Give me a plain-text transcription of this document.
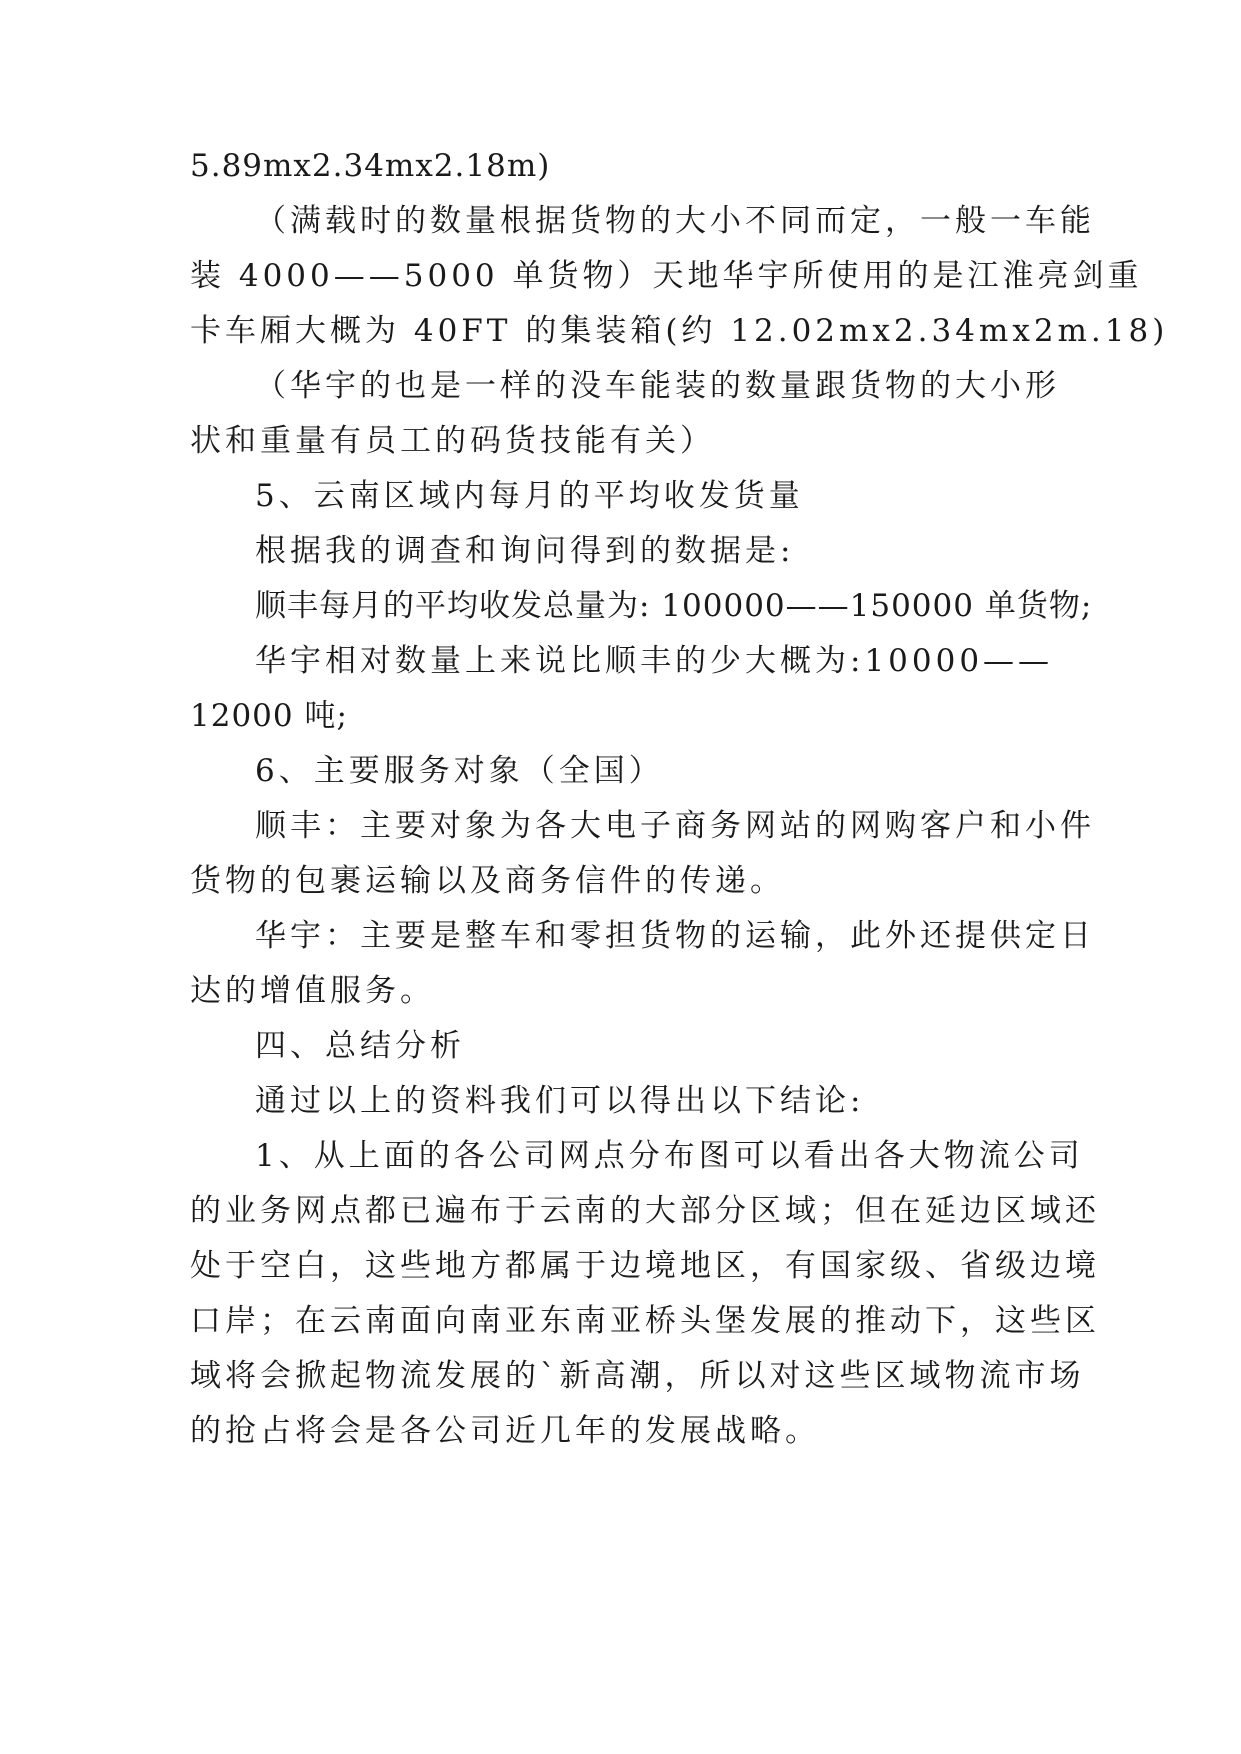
5.89mx2.34mx2.18m)
（满载时的数量根据货物的大小不同而定，一般一车能
装 4000——5000 单货物）天地华宇所使用的是江淮亮剑重
卡车厢大概为 40FT 的集装箱(约 12.02mx2.34mx2m.18)
（华宇的也是一样的没车能装的数量跟货物的大小形
状和重量有员工的码货技能有关）
5、云南区域内每月的平均收发货量
根据我的调查和询问得到的数据是:
顺丰每月的平均收发总量为: 100000——150000 单货物;
华宇相对数量上来说比顺丰的少大概为:10000——
12000 吨;
6、主要服务对象（全国）
顺丰：主要对象为各大电子商务网站的网购客户和小件
货物的包裹运输以及商务信件的传递。
华宇：主要是整车和零担货物的运输，此外还提供定日
达的增值服务。
四、总结分析
通过以上的资料我们可以得出以下结论:
1、从上面的各公司网点分布图可以看出各大物流公司
的业务网点都已遍布于云南的大部分区域；但在延边区域还
处于空白，这些地方都属于边境地区，有国家级、省级边境
口岸；在云南面向南亚东南亚桥头堡发展的推动下，这些区
域将会掀起物流发展的`新高潮，所以对这些区域物流市场
的抢占将会是各公司近几年的发展战略。
